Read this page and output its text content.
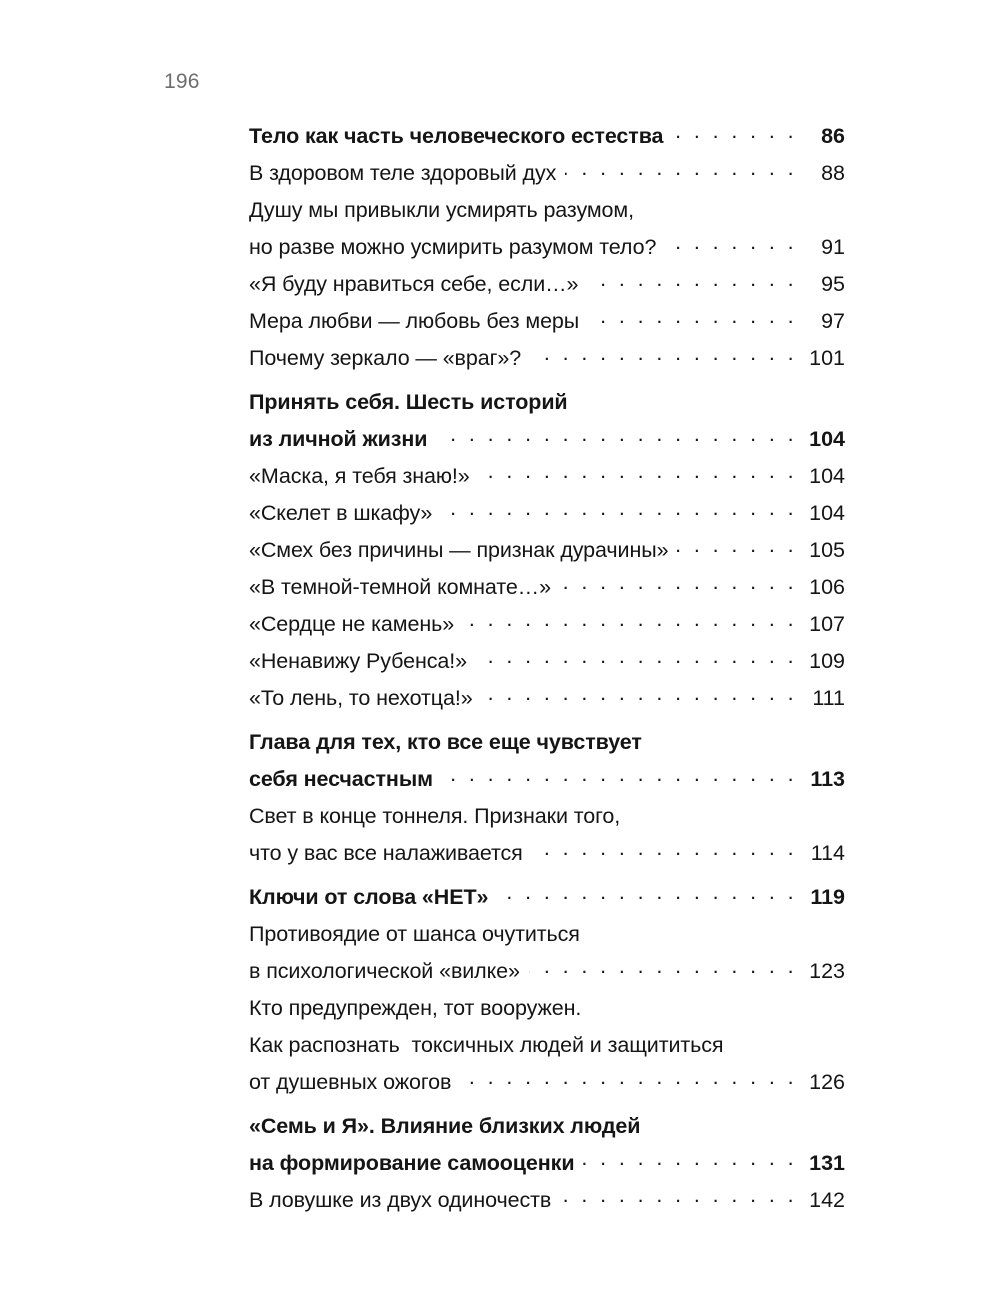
196
Тело как часть человеческого естества . . .	86
В здоровом теле здоровый дух . . .	88
Душу мы привыкли усмирять разумом,
но разве можно усмирить разумом тело? . . .	91
«Я буду нравиться себе, если…» . . .	95
Мера любви — любовь без меры . . .	97
Почему зеркало — «враг»? . . .	101
Принять себя. Шесть историй
из личной жизни . . .	104
«Маска, я тебя знаю!» . . .	104
«Скелет в шкафу» . . .	104
«Смех без причины — признак дурачины» . . .	105
«В темной-темной комнате…» . . .	106
«Сердце не камень» . . .	107
«Ненавижу Рубенса!» . . .	109
«То лень, то нехотца!» . . .	111
Глава для тех, кто все еще чувствует
себя несчастным . . .	113
Свет в конце тоннеля. Признаки того,
что у вас все налаживается . . .	114
Ключи от слова «НЕТ» . . .	119
Противоядие от шанса очутиться
в психологической «вилке» . . .	123
Кто предупрежден, тот вооружен.
Как распознать  токсичных людей и защититься
от душевных ожогов . . .	126
«Семь и Я». Влияние близких людей
на формирование самооценки . . .	131
В ловушке из двух одиночеств . . .	142
